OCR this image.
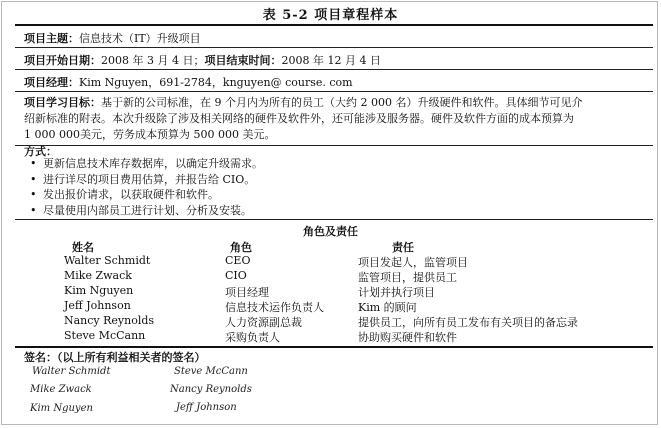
表 5-2 项目章程样本
项目主题：信息技术（IT）升级项目
项目开始日期：2008 年 3 月 4 日；项目结束时间：2008 年 12 月 4 日
项目经理：Kim Nguyen，691-2784，knguyen@ course. com
项目学习目标：基于新的公司标准，在 9 个月内为所有的员工（大约 2 000 名）升级硬件和软件。具体细节可见介
绍新标准的附表。本次升级除了涉及相关网络的硬件及软件外，还可能涉及服务器。硬件及软件方面的成本预算为
1 000 000美元，劳务成本预算为 500 000 美元。
方式：
• 更新信息技术库存数据库，以确定升级需求。
• 进行详尽的项目费用估算，并报告给 CIO。
• 发出报价请求，以获取硬件和软件。
• 尽量使用内部员工进行计划、分析及安装。
角色及责任
姓名	角色	责任
Walter Schmidt	CEO	项目发起人，监管项目
Mike Zwack	CIO	监管项目，提供员工
Kim Nguyen	项目经理	计划并执行项目
Jeff Johnson	信息技术运作负责人	Kim 的顾问
Nancy Reynolds	人力资源副总裁	提供员工，向所有员工发布有关项目的备忘录
Steve McCann	采购负责人	协助购买硬件和软件
签名：（以上所有利益相关者的签名）
Walter Schmidt	Steve McCann
Mike Zwack	Nancy Reynolds
Kim Nguyen	Jeff Johnson
